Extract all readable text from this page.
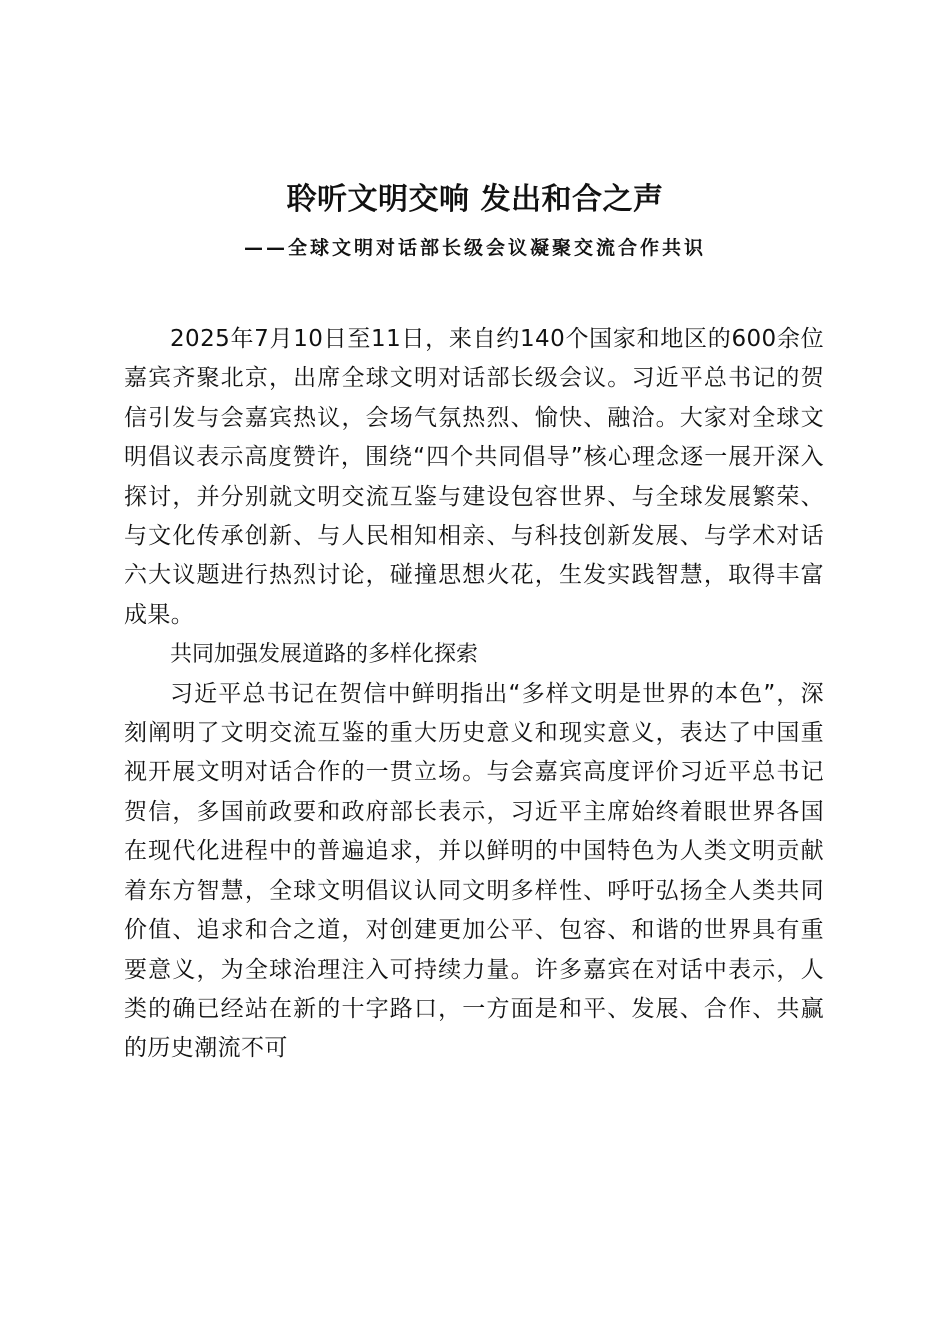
聆听文明交响 发出和合之声
——全球文明对话部长级会议凝聚交流合作共识

2025年7月10日至11日，来自约140个国家和地区的600余位嘉宾齐聚北京，出席全球文明对话部长级会议。习近平总书记的贺信引发与会嘉宾热议，会场气氛热烈、愉快、融洽。大家对全球文明倡议表示高度赞许，围绕“四个共同倡导”核心理念逐一展开深入探讨，并分别就文明交流互鉴与建设包容世界、与全球发展繁荣、与文化传承创新、与人民相知相亲、与科技创新发展、与学术对话六大议题进行热烈讨论，碰撞思想火花，生发实践智慧，取得丰富成果。

共同加强发展道路的多样化探索

习近平总书记在贺信中鲜明指出“多样文明是世界的本色”，深刻阐明了文明交流互鉴的重大历史意义和现实意义，表达了中国重视开展文明对话合作的一贯立场。与会嘉宾高度评价习近平总书记贺信，多国前政要和政府部长表示，习近平主席始终着眼世界各国在现代化进程中的普遍追求，并以鲜明的中国特色为人类文明贡献着东方智慧，全球文明倡议认同文明多样性、呼吁弘扬全人类共同价值、追求和合之道，对创建更加公平、包容、和谐的世界具有重要意义，为全球治理注入可持续力量。许多嘉宾在对话中表示，人类的确已经站在新的十字路口，一方面是和平、发展、合作、共赢的历史潮流不可
